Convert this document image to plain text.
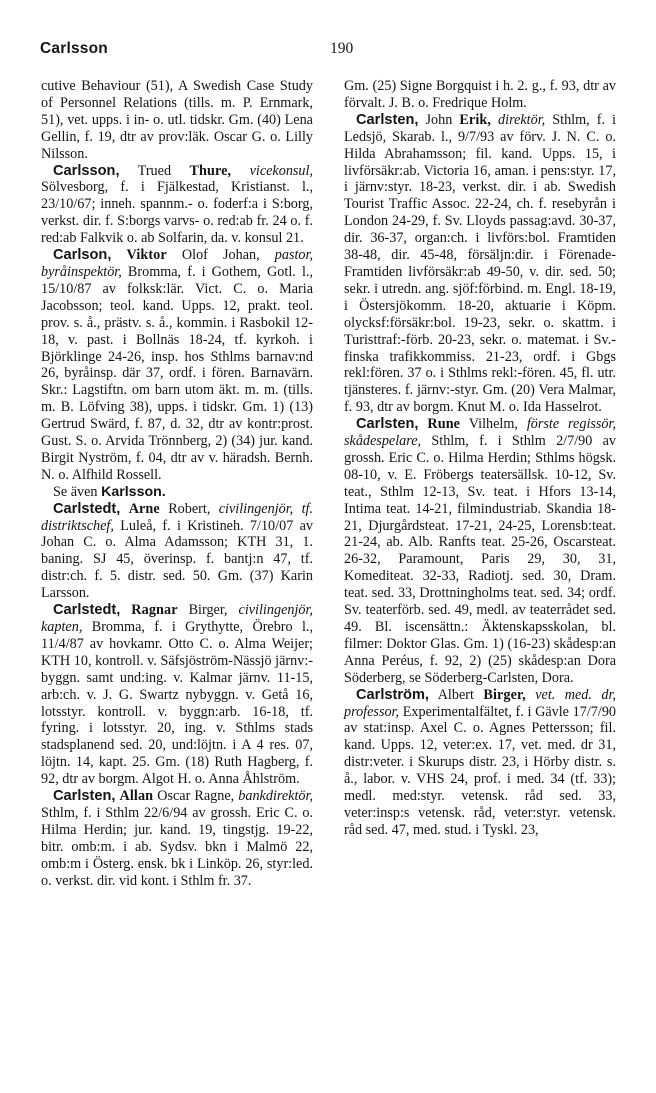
Carlsson	190

cutive Behaviour (51), A Swedish Case Study of Personnel Relations (tills. m. P. Ernmark, 51), vet. upps. i in- o. utl. tidskr. Gm. (40) Lena Gellin, f. 19, dtr av prov:läk. Oscar G. o. Lilly Nilsson.

Carlsson, Trued Thure, vicekonsul, Sölvesborg, f. i Fjälkestad, Kristianst. l., 23/10/67; inneh. spannm.- o. foderf:a i S:borg, verkst. dir. f. S:borgs varvs- o. red:ab fr. 24 o. f. red:ab Falkvik o. ab Solfarin, da. v. konsul 21.

Carlson, Viktor Olof Johan, pastor, byråinspektör, Bromma, f. i Gothem, Gotl. l., 15/10/87 av folksk:lär. Vict. C. o. Maria Jacobsson; teol. kand. Upps. 12, prakt. teol. prov. s. å., prästv. s. å., kommin. i Rasbokil 12-18, v. past. i Bollnäs 18-24, tf. kyrkoh. i Björklinge 24-26, insp. hos Sthlms barnav:nd 26, byråinsp. där 37, ordf. i fören. Barnavärn. Skr.: Lagstiftn. om barn utom äkt. m. m. (tills. m. B. Löfving 38), upps. i tidskr. Gm. 1) (13) Gertrud Swärd, f. 87, d. 32, dtr av kontr:prost. Gust. S. o. Arvida Trönnberg, 2) (34) jur. kand. Birgit Nyström, f. 04, dtr av v. häradsh. Bernh. N. o. Alfhild Rossell.

Se även Karlsson.

Carlstedt, Arne Robert, civilingenjör, tf. distriktschef, Luleå, f. i Kristineh. 7/10/07 av Johan C. o. Alma Adamsson; KTH 31, 1. baning. SJ 45, överinsp. f. bantj:n 47, tf. distr:ch. f. 5. distr. sed. 50. Gm. (37) Karin Larsson.

Carlstedt, Ragnar Birger, civilingenjör, kapten, Bromma, f. i Grythytte, Örebro l., 11/4/87 av hovkamr. Otto C. o. Alma Weijer; KTH 10, kontroll. v. Säfsjöström-Nässjö järnv:-byggn. samt und:ing. v. Kalmar järnv. 11-15, arb:ch. v. J. G. Swartz nybyggn. v. Getå 16, lotsstyr. kontroll. v. byggn:arb. 16-18, tf. fyring. i lotsstyr. 20, ing. v. Sthlms stads stadsplanend sed. 20, und:löjtn. i A 4 res. 07, löjtn. 14, kapt. 25. Gm. (18) Ruth Hagberg, f. 92, dtr av borgm. Algot H. o. Anna Åhlström.

Carlsten, Allan Oscar Ragne, bankdirektör, Sthlm, f. i Sthlm 22/6/94 av grossh. Eric C. o. Hilma Herdin; jur. kand. 19, tingstjg. 19-22, bitr. omb:m. i ab. Sydsv. bkn i Malmö 22, omb:m i Österg. ensk. bk i Linköp. 26, styr:led. o. verkst. dir. vid kont. i Sthlm fr. 37.

Gm. (25) Signe Borgquist i h. 2. g., f. 93, dtr av förvalt. J. B. o. Fredrique Holm.

Carlsten, John Erik, direktör, Sthlm, f. i Ledsjö, Skarab. l., 9/7/93 av förv. J. N. C. o. Hilda Abrahamsson; fil. kand. Upps. 15, i livförsäkr:ab. Victoria 16, aman. i pens:styr. 17, i järnv:styr. 18-23, verkst. dir. i ab. Swedish Tourist Traffic Assoc. 22-24, ch. f. resebyrån i London 24-29, f. Sv. Lloyds passag:avd. 30-37, dir. 36-37, organ:ch. i livförs:bol. Framtiden 38-48, dir. 45-48, försäljn:dir. i Förenade-Framtiden livförsäkr:ab 49-50, v. dir. sed. 50; sekr. i utredn. ang. sjöf:förbind. m. Engl. 18-19, i Östersjökomm. 18-20, aktuarie i Köpm. olycksf:försäkr:bol. 19-23, sekr. o. skattm. i Turisttraf:-förb. 20-23, sekr. o. matemat. i Sv.-finska trafikkommiss. 21-23, ordf. i Gbgs rekl:fören. 37 o. i Sthlms rekl:-fören. 45, fl. utr. tjänsteres. f. järnv:-styr. Gm. (20) Vera Malmar, f. 93, dtr av borgm. Knut M. o. Ida Hasselrot.

Carlsten, Rune Vilhelm, förste regissör, skådespelare, Sthlm, f. i Sthlm 2/7/90 av grossh. Eric C. o. Hilma Herdin; Sthlms högsk. 08-10, v. E. Fröbergs teatersällsk. 10-12, Sv. teat., Sthlm 12-13, Sv. teat. i Hfors 13-14, Intima teat. 14-21, filmindustriab. Skandia 18-21, Djurgårdsteat. 17-21, 24-25, Lorensb:teat. 21-24, ab. Alb. Ranfts teat. 25-26, Oscarsteat. 26-32, Paramount, Paris 29, 30, 31, Komediteat. 32-33, Radiotj. sed. 30, Dram. teat. sed. 33, Drottningholms teat. sed. 34; ordf. Sv. teaterförb. sed. 49, medl. av teaterrådet sed. 49. Bl. iscensättn.: Äktenskapsskolan, bl. filmer: Doktor Glas. Gm. 1) (16-23) skådesp:an Anna Peréus, f. 92, 2) (25) skådesp:an Dora Söderberg, se Söderberg-Carlsten, Dora.

Carlström, Albert Birger, vet. med. dr, professor, Experimentalfältet, f. i Gävle 17/7/90 av stat:insp. Axel C. o. Agnes Pettersson; fil. kand. Upps. 12, veter:ex. 17, vet. med. dr 31, distr:veter. i Skurups distr. 23, i Hörby distr. s. å., labor. v. VHS 24, prof. i med. 34 (tf. 33); medl. med:styr. vetensk. råd sed. 33, veter:insp:s vetensk. råd, veter:styr. vetensk. råd sed. 47, med. stud. i Tyskl. 23,
